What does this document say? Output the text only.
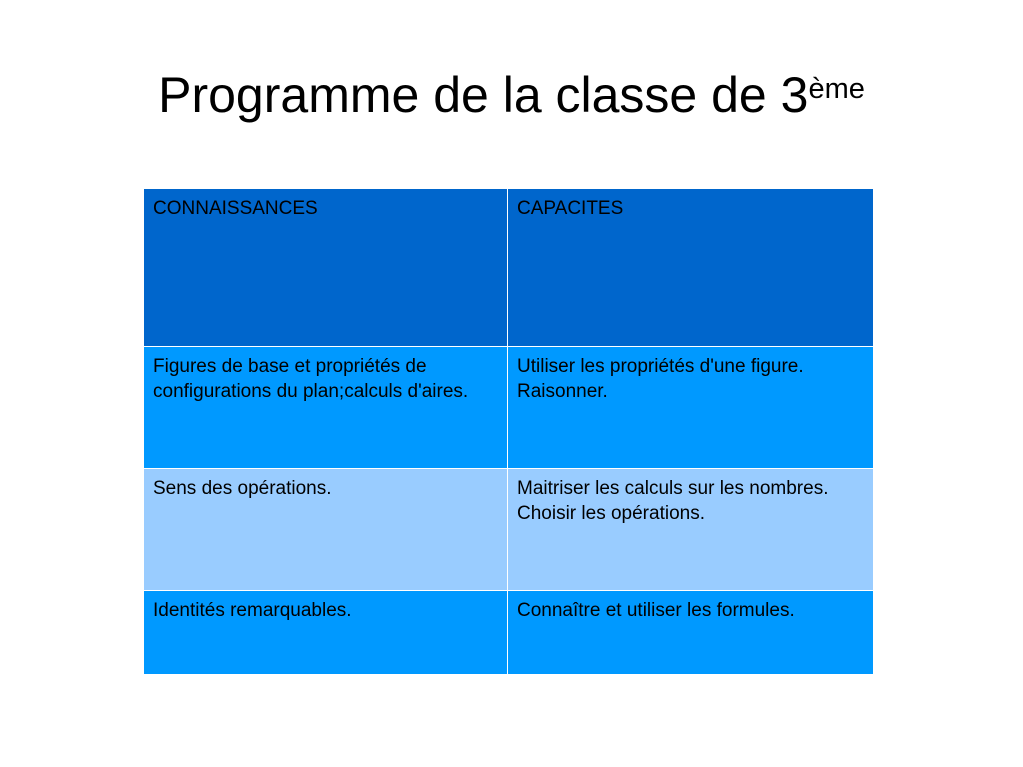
Programme de la classe de 3ème
CONNAISSANCES	CAPACITES

Figures de base et propriétés de configurations du plan;calculs d'aires.	Utiliser les propriétés d'une figure.
Raisonner.

Sens des opérations.	Maitriser les calculs sur les nombres.
Choisir les opérations.

Identités remarquables.	Connaître et utiliser les formules.
